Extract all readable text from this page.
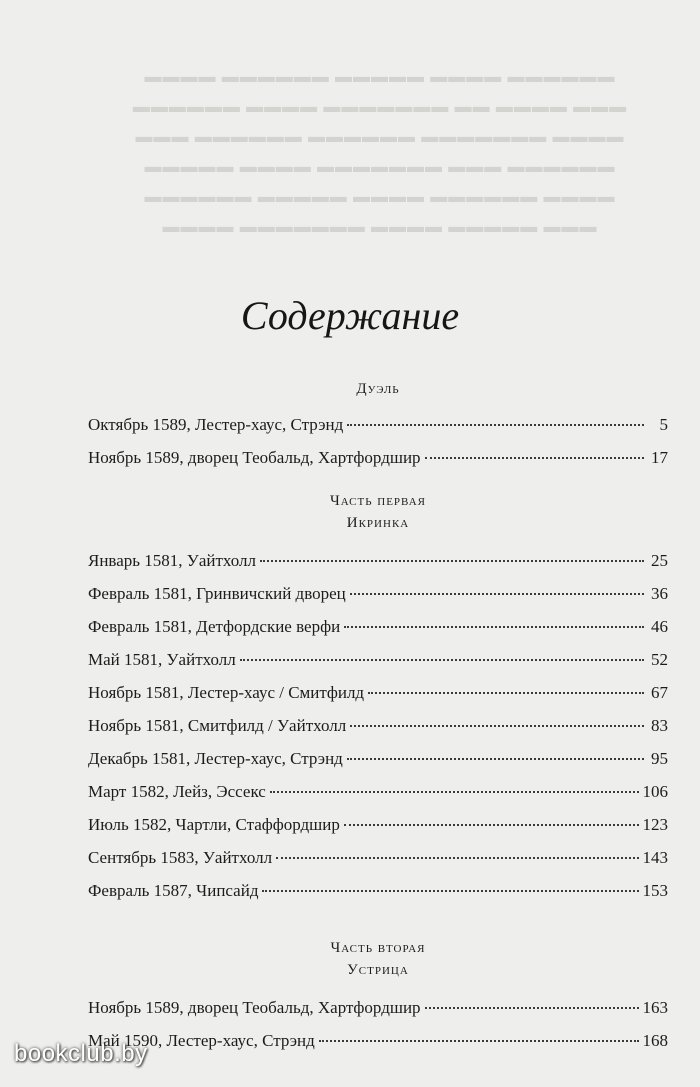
▬▬▬▬ ▬▬▬▬▬▬ ▬▬▬▬▬ ▬▬▬▬ ▬▬▬▬▬▬
▬▬▬▬▬▬ ▬▬▬▬ ▬▬▬▬▬▬▬ ▬▬ ▬▬▬▬ ▬▬▬
▬▬▬ ▬▬▬▬▬▬ ▬▬▬▬▬▬ ▬▬▬▬▬▬▬ ▬▬▬▬
▬▬▬▬▬ ▬▬▬▬ ▬▬▬▬▬▬▬ ▬▬▬ ▬▬▬▬▬▬
▬▬▬▬▬▬ ▬▬▬▬▬ ▬▬▬▬ ▬▬▬▬▬▬ ▬▬▬▬
▬▬▬▬ ▬▬▬▬▬▬▬ ▬▬▬▬ ▬▬▬▬▬ ▬▬▬
Содержание
Дуэль
Октябрь 1589, Лестер-хаус, Стрэнд	5
Ноябрь 1589, дворец Теобальд, Хартфордшир	17
Часть первая
Икринка
Январь 1581, Уайтхолл	25
Февраль 1581, Гринвичский дворец	36
Февраль 1581, Детфордские верфи	46
Май 1581, Уайтхолл	52
Ноябрь 1581, Лестер-хаус / Смитфилд	67
Ноябрь 1581, Смитфилд / Уайтхолл	83
Декабрь 1581, Лестер-хаус, Стрэнд	95
Март 1582, Лейз, Эссекс	106
Июль 1582, Чартли, Стаффордшир	123
Сентябрь 1583, Уайтхолл	143
Февраль 1587, Чипсайд	153
Часть вторая
Устрица
Ноябрь 1589, дворец Теобальд, Хартфордшир	163
Май 1590, Лестер-хаус, Стрэнд	168
bookclub.by
